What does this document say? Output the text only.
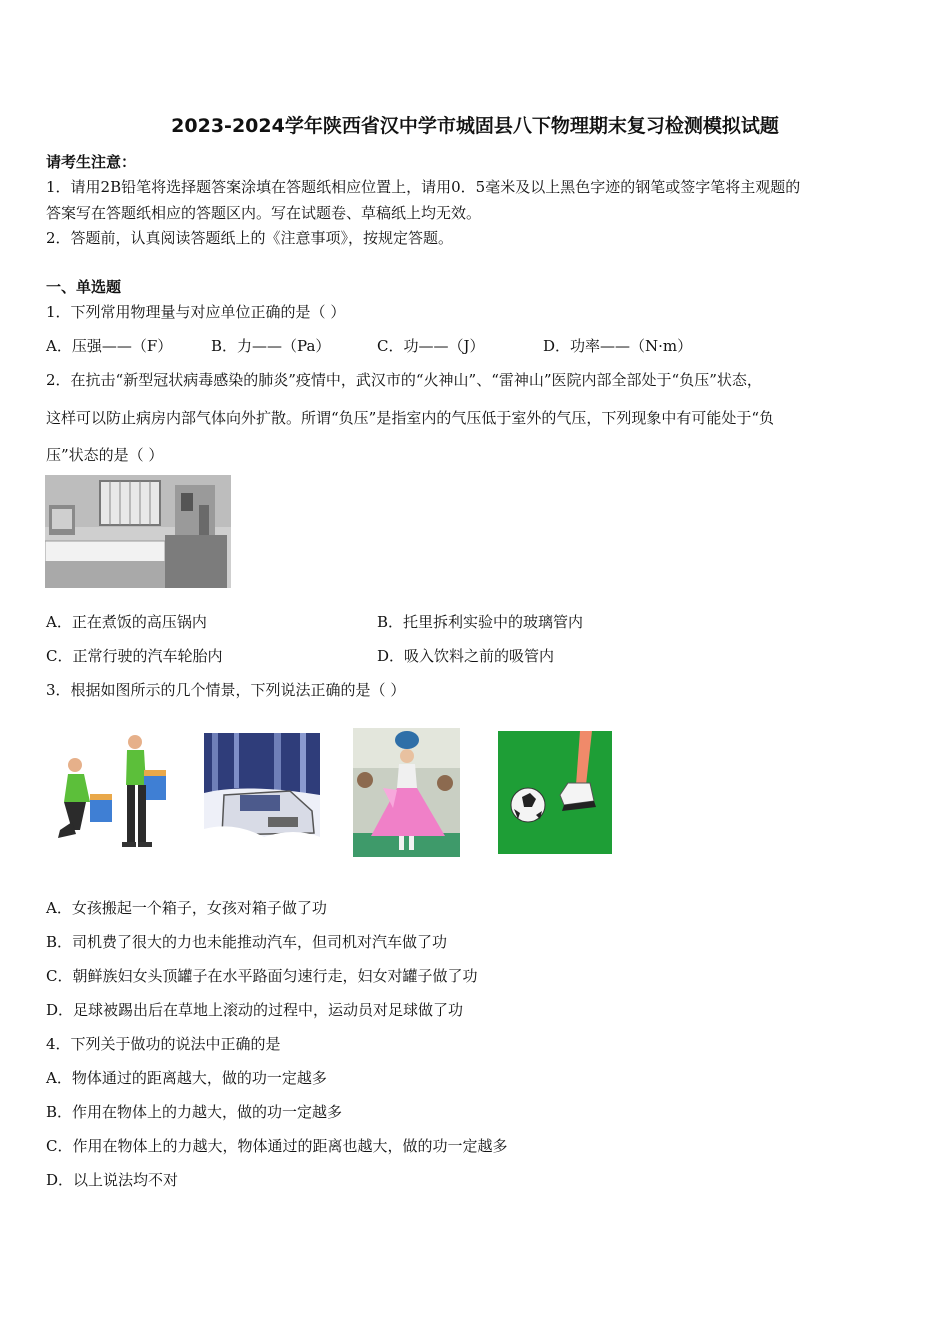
2023-2024学年陕西省汉中学市城固县八下物理期末复习检测模拟试题
请考生注意：
1．请用2B铅笔将选择题答案涂填在答题纸相应位置上，请用0．5毫米及以上黑色字迹的钢笔或签字笔将主观题的
答案写在答题纸相应的答题区内。写在试题卷、草稿纸上均无效。
2．答题前，认真阅读答题纸上的《注意事项》，按规定答题。
一、单选题
1．下列常用物理量与对应单位正确的是（ ）
A．压强——（F）	B．力——（Pa）	C．功——（J）	D．功率——（N·m）
2．在抗击“新型冠状病毒感染的肺炎”疫情中，武汉市的“火神山”、“雷神山”医院内部全部处于“负压”状态，
这样可以防止病房内部气体向外扩散。所谓“负压”是指室内的气压低于室外的气压，下列现象中有可能处于“负
压”状态的是（ ）
A．正在煮饭的高压锅内	B．托里拆利实验中的玻璃管内
C．正常行驶的汽车轮胎内	D．吸入饮料之前的吸管内
3．根据如图所示的几个情景，下列说法正确的是（ ）
A．女孩搬起一个箱子，女孩对箱子做了功
B．司机费了很大的力也未能推动汽车，但司机对汽车做了功
C．朝鲜族妇女头顶罐子在水平路面匀速行走，妇女对罐子做了功
D．足球被踢出后在草地上滚动的过程中，运动员对足球做了功
4．下列关于做功的说法中正确的是
A．物体通过的距离越大，做的功一定越多
B．作用在物体上的力越大，做的功一定越多
C．作用在物体上的力越大，物体通过的距离也越大，做的功一定越多
D．以上说法均不对
